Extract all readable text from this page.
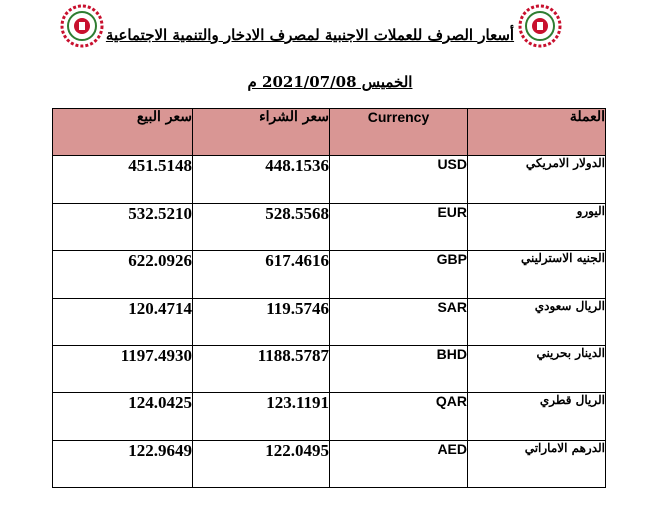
أسعار الصرف للعملات الاجنبية لمصرف الادخار والتنمية الاجتماعية
الخميس 2021/07/08 م
سعر البيع	سعر الشراء	Currency	العملة
451.5148	448.1536	USD	الدولار الامريكي
532.5210	528.5568	EUR	اليورو
622.0926	617.4616	GBP	الجنيه الاسترليني
120.4714	119.5746	SAR	الريال سعودي
1197.4930	1188.5787	BHD	الدينار بحريني
124.0425	123.1191	QAR	الريال قطري
122.9649	122.0495	AED	الدرهم الاماراتي
